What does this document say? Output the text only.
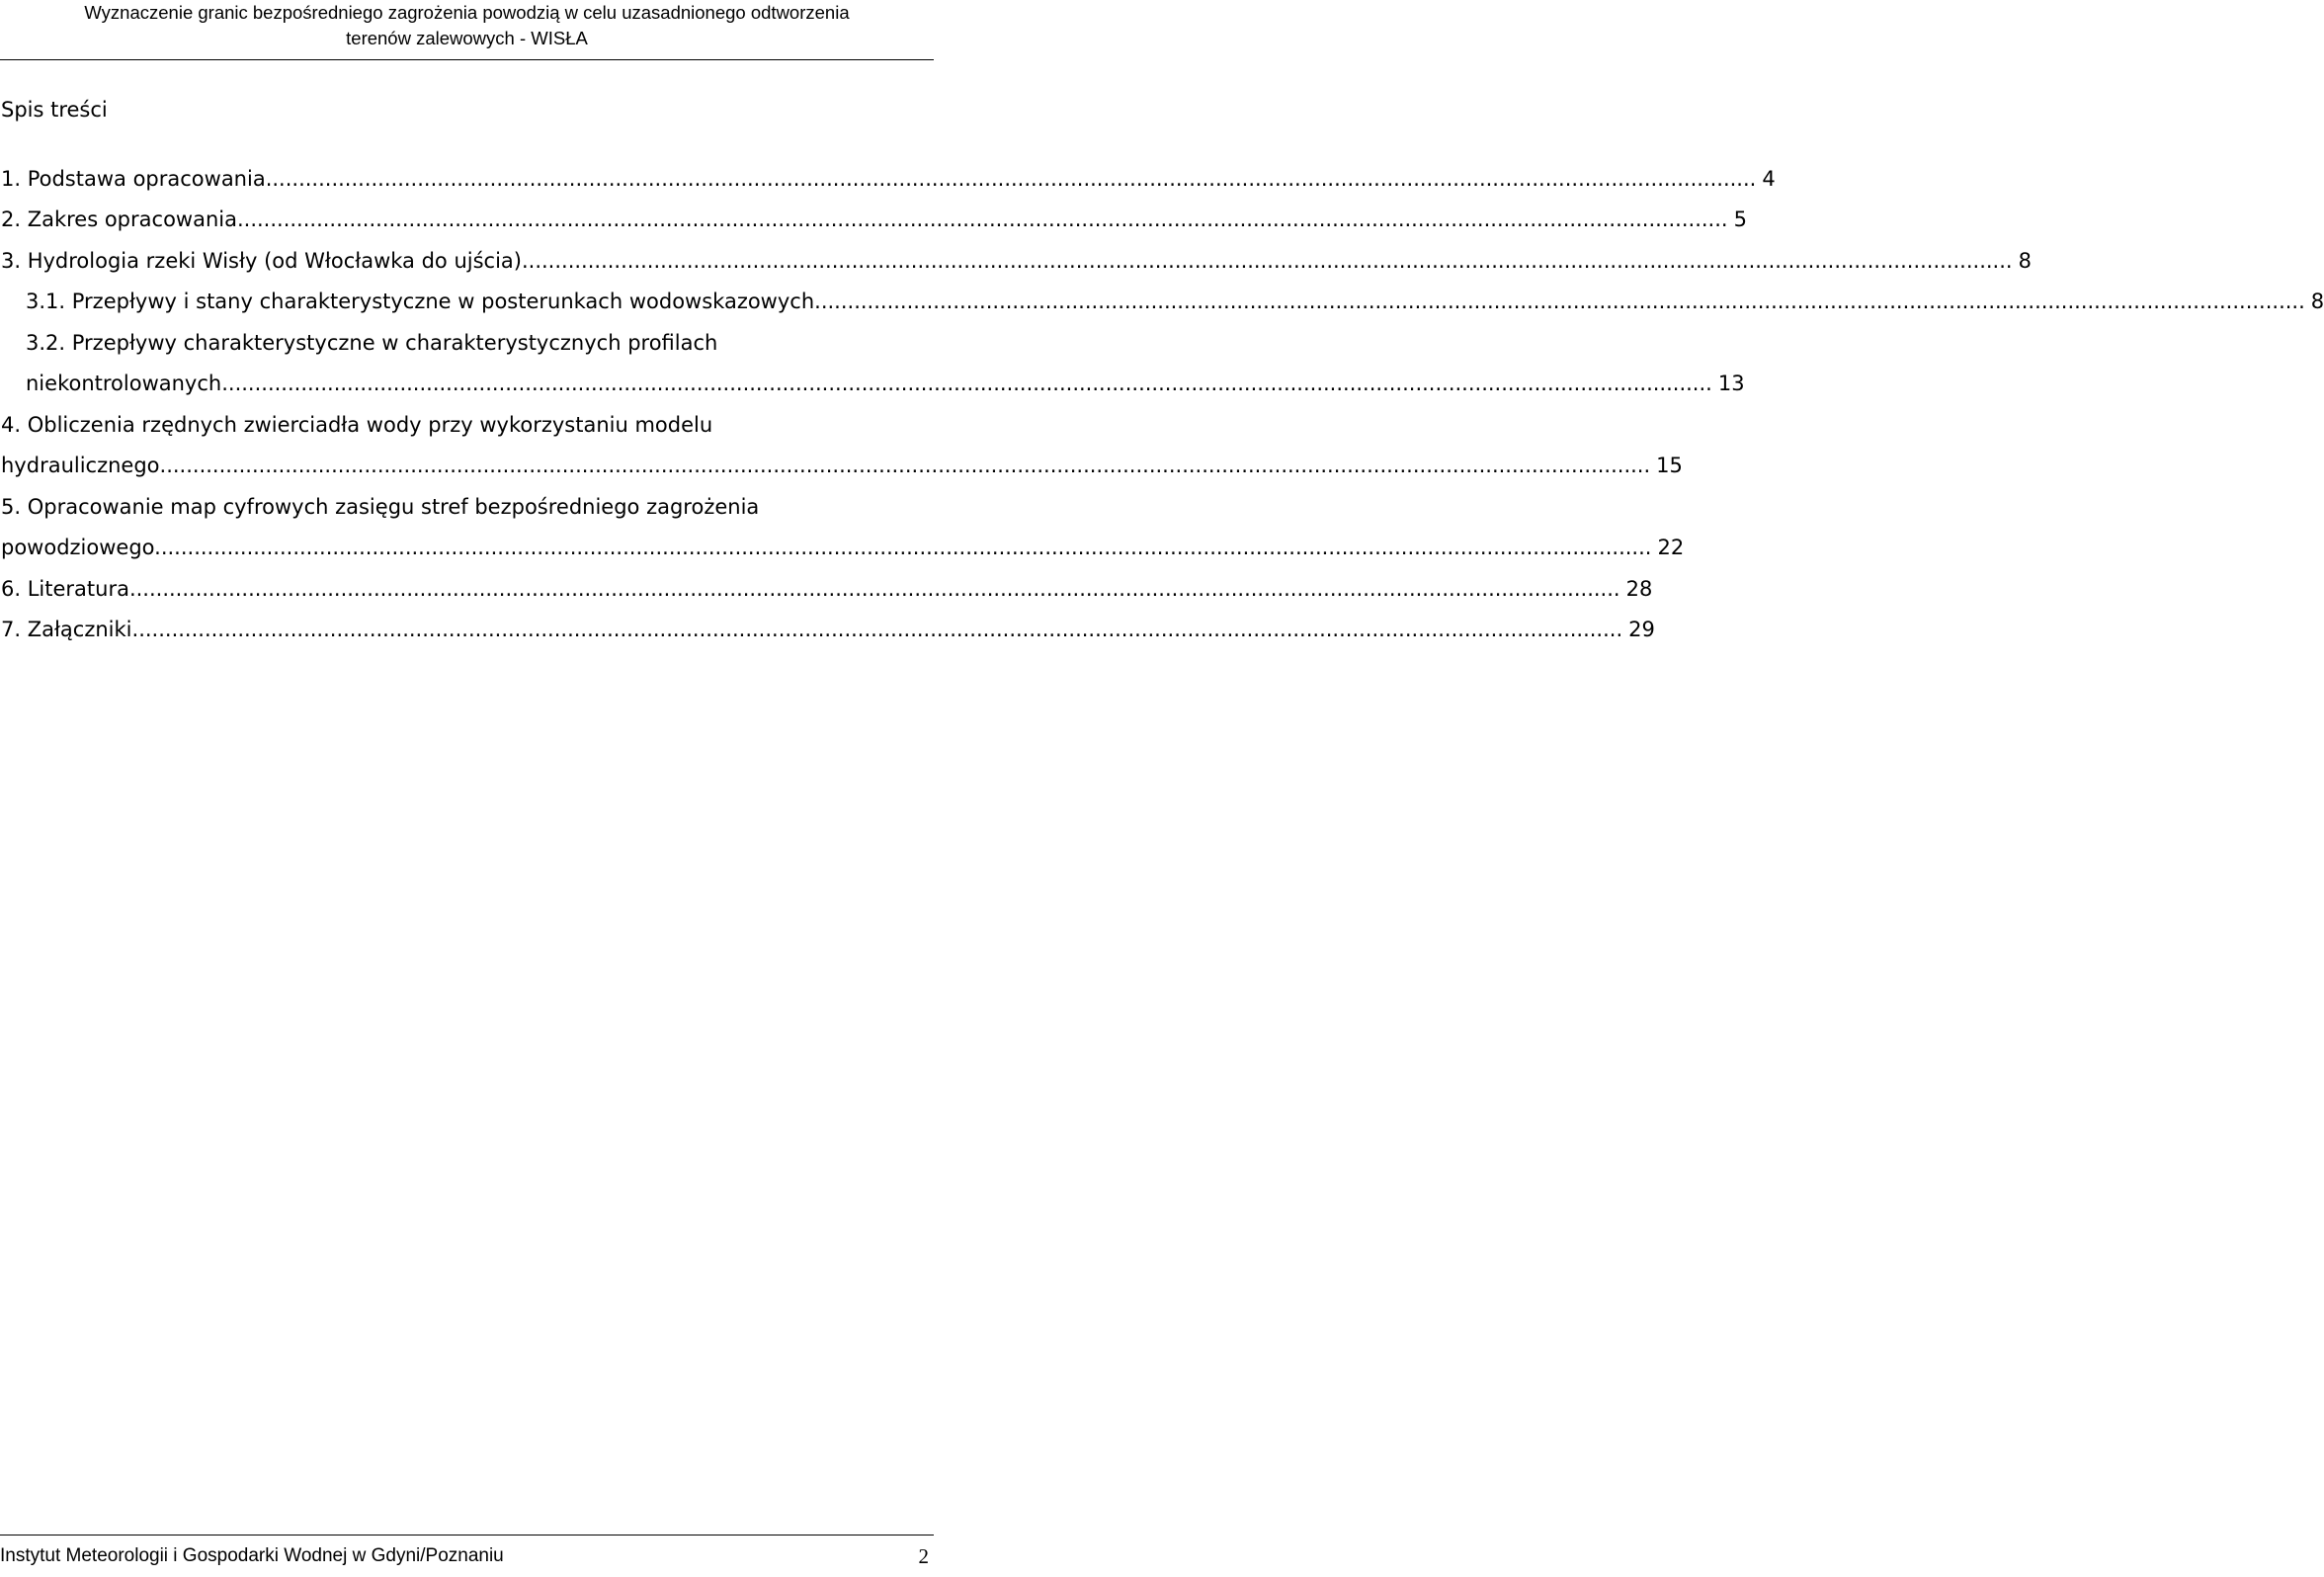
Wyznaczenie granic bezpośredniego zagrożenia powodzią w celu uzasadnionego odtworzenia
terenów zalewowych - WISŁA
Spis treści
1. Podstawa opracowania .................................................................................................................................................................................................................................. 4
2. Zakres opracowania .................................................................................................................................................................................................................................. 5
3. Hydrologia rzeki Wisły (od Włocławka do ujścia) .................................................................................................................................................................................................................................. 8
3.1. Przepływy i stany charakterystyczne w posterunkach wodowskazowych .................................................................................................................................................................................................................................. 8
3.2. Przepływy charakterystyczne w charakterystycznych profilach
niekontrolowanych .................................................................................................................................................................................................................................. 13
4. Obliczenia rzędnych zwierciadła wody przy wykorzystaniu modelu
hydraulicznego .................................................................................................................................................................................................................................. 15
5. Opracowanie map cyfrowych zasięgu stref bezpośredniego zagrożenia
powodziowego. .................................................................................................................................................................................................................................. 22
6. Literatura .................................................................................................................................................................................................................................. 28
7. Załączniki .................................................................................................................................................................................................................................. 29
Instytut Meteorologii i Gospodarki Wodnej w Gdyni/Poznaniu	2
